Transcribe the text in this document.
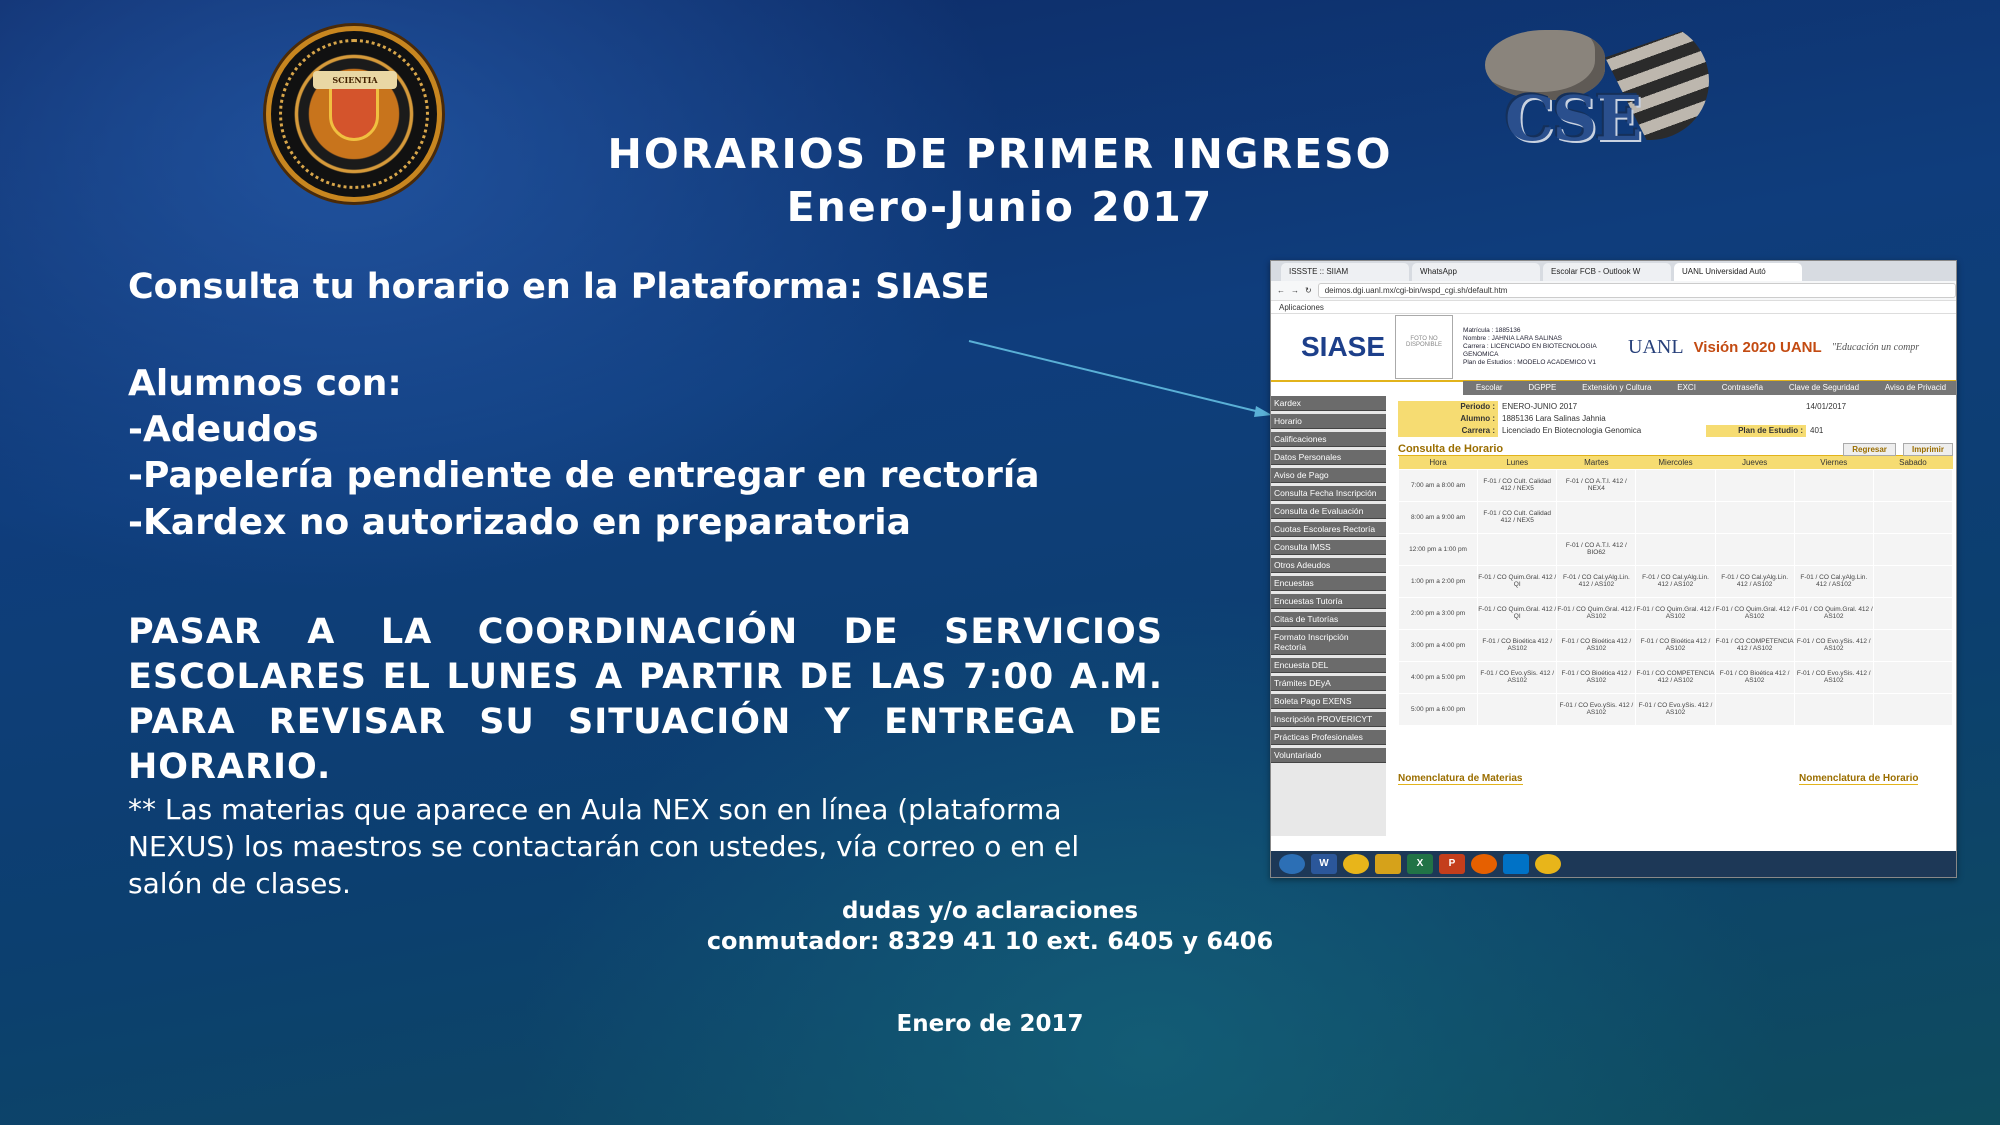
SCIENTIA
CSE
HORARIOS DE PRIMER INGRESO
Enero-Junio 2017
Consulta tu horario en la Plataforma: SIASE
Alumnos con:
-Adeudos
-Papelería pendiente de entregar en rectoría
-Kardex no autorizado en preparatoria
PASAR A LA COORDINACIÓN DE SERVICIOS ESCOLARES EL LUNES A PARTIR DE LAS 7:00 A.M. PARA REVISAR SU SITUACIÓN Y ENTREGA DE HORARIO.
** Las materias que aparece en Aula NEX son en línea (plataforma NEXUS) los maestros se contactarán con ustedes, vía correo o en el salón de clases.
dudas y/o aclaraciones
conmutador: 8329 41 10 ext. 6405 y 6406
Enero de 2017
ISSSTE :: SIIAM	WhatsApp	Escolar FCB - Outlook W	UANL Universidad Autó
← → ↻	deimos.dgi.uanl.mx/cgi-bin/wspd_cgi.sh/default.htm
Aplicaciones
SIASE	FOTO NO DISPONIBLE
Matrícula : 1885136
Nombre : JAHNIA LARA SALINAS
Carrera : LICENCIADO EN BIOTECNOLOGIA GENOMICA
Plan de Estudios : MODELO ACADEMICO V1
UANL Visión 2020 UANL "Educación un compr
Escolar	DGPPE	Extensión y Cultura	EXCI	Contraseña	Clave de Seguridad	Aviso de Privacid
Kardex
Horario
Calificaciones
Datos Personales
Aviso de Pago
Consulta Fecha Inscripción
Consulta de Evaluación
Cuotas Escolares Rectoría
Consulta IMSS
Otros Adeudos
Encuestas
Encuestas Tutoría
Citas de Tutorías
Formato Inscripción Rectoría
Encuesta DEL
Trámites DEyA
Boleta Pago EXENS
Inscripción PROVERICYT
Prácticas Profesionales
Voluntariado
Periodo : ENERO-JUNIO 2017	14/01/2017
Alumno : 1885136 Lara Salinas Jahnia
Carrera : Licenciado En Biotecnologia Genomica	Plan de Estudio : 401
Consulta de Horario	Regresar	Imprimir
Hora	Lunes	Martes	Miercoles	Jueves	Viernes	Sabado
7:00 am a 8:00 am	F-01 / CO Cult. Calidad 412 / NEX5	F-01 / CO A.T.I. 412 / NEX4				
8:00 am a 9:00 am	F-01 / CO Cult. Calidad 412 / NEX5					
12:00 pm a 1:00 pm		F-01 / CO A.T.I. 412 / BIO62				
1:00 pm a 2:00 pm	F-01 / CO Quim.Gral. 412 / QI	F-01 / CO Cal.yAlg.Lin. 412 / AS102	F-01 / CO Cal.yAlg.Lin. 412 / AS102	F-01 / CO Cal.yAlg.Lin. 412 / AS102	F-01 / CO Cal.yAlg.Lin. 412 / AS102	
2:00 pm a 3:00 pm	F-01 / CO Quim.Gral. 412 / QI	F-01 / CO Quim.Gral. 412 / AS102	F-01 / CO Quim.Gral. 412 / AS102	F-01 / CO Quim.Gral. 412 / AS102	F-01 / CO Quim.Gral. 412 / AS102	
3:00 pm a 4:00 pm	F-01 / CO Bioética 412 / AS102	F-01 / CO Bioética 412 / AS102	F-01 / CO Bioética 412 / AS102	F-01 / CO COMPETENCIA 412 / AS102	F-01 / CO Evo.ySis. 412 / AS102	
4:00 pm a 5:00 pm	F-01 / CO Evo.ySis. 412 / AS102	F-01 / CO Bioética 412 / AS102	F-01 / CO COMPETENCIA 412 / AS102	F-01 / CO Bioética 412 / AS102	F-01 / CO Evo.ySis. 412 / AS102	
5:00 pm a 6:00 pm		F-01 / CO Evo.ySis. 412 / AS102	F-01 / CO Evo.ySis. 412 / AS102			
Nomenclatura de Materias	Nomenclatura de Horario
W	X	P
